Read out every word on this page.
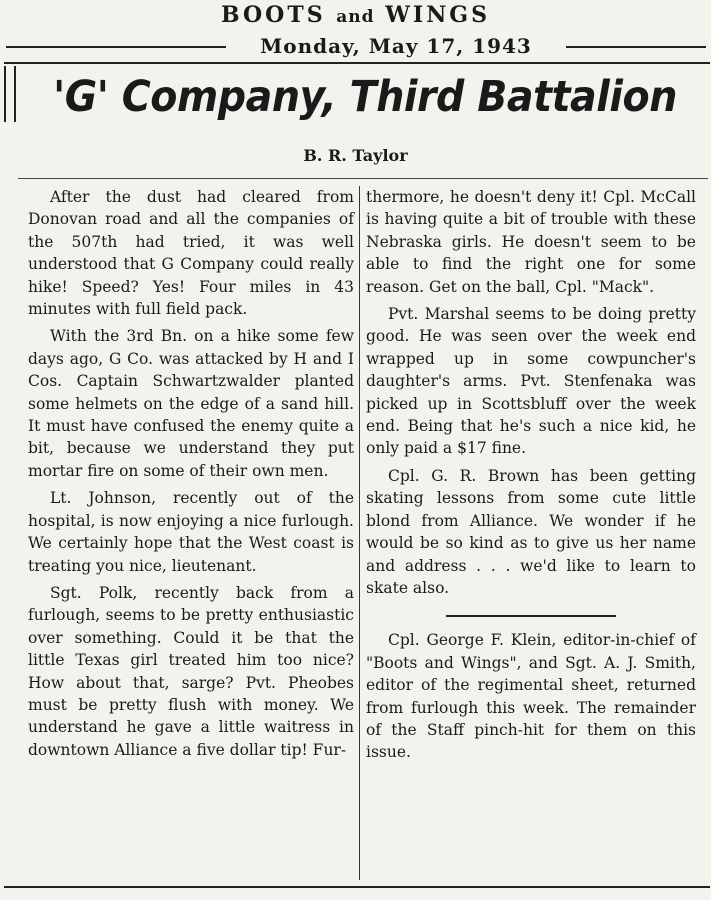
BOOTS and WINGS
Monday, May 17, 1943
'G' Company, Third Battalion
B. R. Taylor

After the dust had cleared from Donovan road and all the companies of the 507th had tried, it was well understood that G Company could really hike! Speed? Yes! Four miles in 43 minutes with full field pack.

With the 3rd Bn. on a hike some few days ago, G Co. was attacked by H and I Cos. Captain Schwartzwalder planted some helmets on the edge of a sand hill. It must have confused the enemy quite a bit, because we understand they put mortar fire on some of their own men.

Lt. Johnson, recently out of the hospital, is now enjoying a nice furlough. We certainly hope that the West coast is treating you nice, lieutenant.

Sgt. Polk, recently back from a furlough, seems to be pretty enthusiastic over something. Could it be that the little Texas girl treated him too nice? How about that, sarge? Pvt. Pheobes must be pretty flush with money. We understand he gave a little waitress in downtown Alliance a five dollar tip! Fur-

thermore, he doesn't deny it! Cpl. McCall is having quite a bit of trouble with these Nebraska girls. He doesn't seem to be able to find the right one for some reason. Get on the ball, Cpl. "Mack".

Pvt. Marshal seems to be doing pretty good. He was seen over the week end wrapped up in some cowpuncher's daughter's arms. Pvt. Stenfenaka was picked up in Scottsbluff over the week end. Being that he's such a nice kid, he only paid a $17 fine.

Cpl. G. R. Brown has been getting skating lessons from some cute little blond from Alliance. We wonder if he would be so kind as to give us her name and address . . . we'd like to learn to skate also.

Cpl. George F. Klein, editor-in-chief of "Boots and Wings", and Sgt. A. J. Smith, editor of the regimental sheet, returned from furlough this week. The remainder of the Staff pinch-hit for them on this issue.
